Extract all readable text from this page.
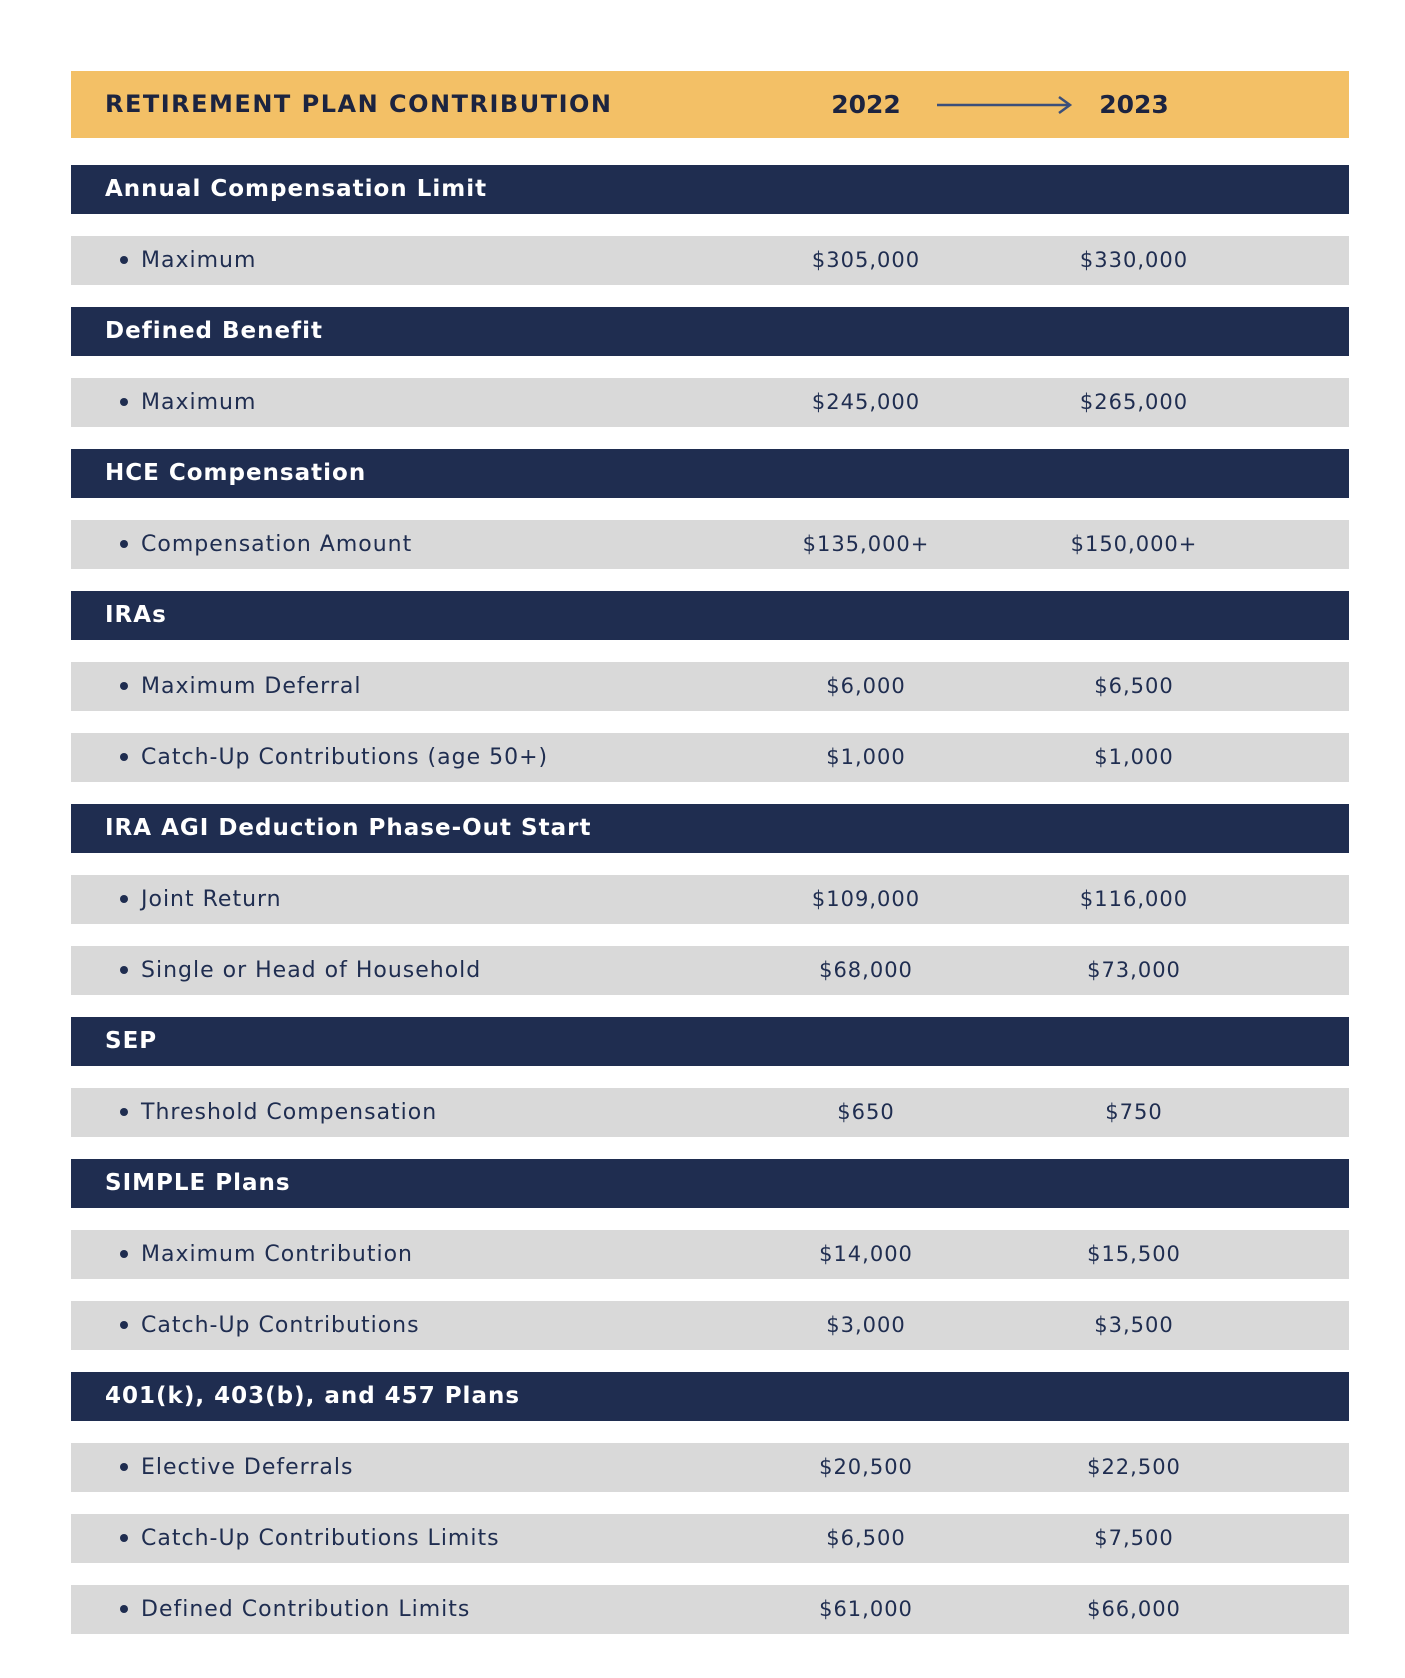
RETIREMENT PLAN CONTRIBUTION	2022	2023
Annual Compensation Limit
Maximum	$305,000	$330,000
Defined Benefit
Maximum	$245,000	$265,000
HCE Compensation
Compensation Amount	$135,000+	$150,000+
IRAs
Maximum Deferral	$6,000	$6,500
Catch-Up Contributions (age 50+)	$1,000	$1,000
IRA AGI Deduction Phase-Out Start
Joint Return	$109,000	$116,000
Single or Head of Household	$68,000	$73,000
SEP
Threshold Compensation	$650	$750
SIMPLE Plans
Maximum Contribution	$14,000	$15,500
Catch-Up Contributions	$3,000	$3,500
401(k), 403(b), and 457 Plans
Elective Deferrals	$20,500	$22,500
Catch-Up Contributions Limits	$6,500	$7,500
Defined Contribution Limits	$61,000	$66,000
